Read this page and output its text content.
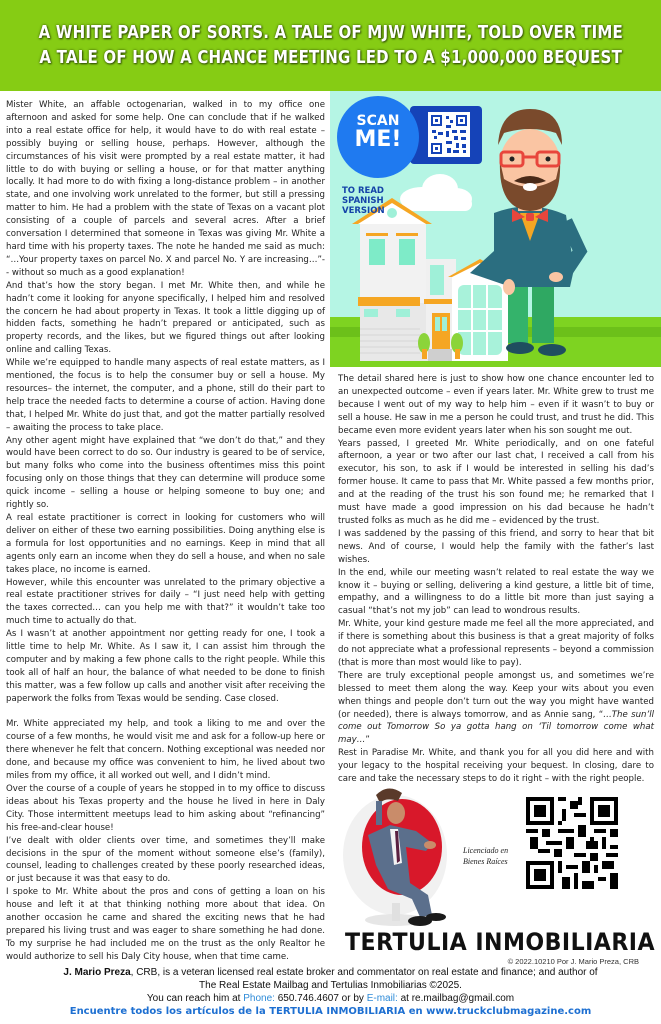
A WHITE PAPER OF SORTS. A TALE OF MJW WHITE, TOLD OVER TIME
A TALE OF HOW A CHANCE MEETING LED TO A $1,000,000 BEQUEST

Mister White, an affable octogenarian, walked in to my office one afternoon and asked for some help. One can conclude that if he walked into a real estate office for help, it would have to do with real estate – possibly buying or selling house, perhaps. However, although the circumstances of his visit were prompted by a real estate matter, it had little to do with buying or selling a house, or for that matter anything locally. It had more to do with fixing a long-distance problem – in another state, and one involving work unrelated to the former, but still a pressing matter to him. He had a problem with the state of Texas on a vacant plot consisting of a couple of parcels and several acres. After a brief conversation I determined that someone in Texas was giving Mr. White a hard time with his property taxes. The note he handed me said as much: “…Your property taxes on parcel No. X and parcel No. Y are increasing…”-- without so much as a good explanation!

And that’s how the story began. I met Mr. White then, and while he hadn’t come it looking for anyone specifically, I helped him and resolved the concern he had about property in Texas. It took a little digging up of hidden facts, something he hadn’t prepared or anticipated, such as property records, and the likes, but we figured things out after looking online and calling Texas.

While we’re equipped to handle many aspects of real estate matters, as I mentioned, the focus is to help the consumer buy or sell a house. My resources– the internet, the computer, and a phone, still do their part to help trace the needed facts to determine a course of action. Having done that, I helped Mr. White do just that, and got the matter partially resolved – awaiting the process to take place.

Any other agent might have explained that “we don’t do that,” and they would have been correct to do so. Our industry is geared to be of service, but many folks who come into the business oftentimes miss this point focusing only on those things that they can determine will produce some quick income – selling a house or helping someone to buy one; and rightly so.

A real estate practitioner is correct in looking for customers who will deliver on either of these two earning possibilities. Doing anything else is a formula for lost opportunities and no earnings. Keep in mind that all agents only earn an income when they do sell a house, and when no sale takes place, no income is earned.

However, while this encounter was unrelated to the primary objective a real estate practitioner strives for daily – “I just need help with getting the taxes corrected… can you help me with that?” it wouldn’t take too much time to actually do that.

As I wasn’t at another appointment nor getting ready for one, I took a little time to help Mr. White. As I saw it, I can assist him through the computer and by making a few phone calls to the right people. While this took all of half an hour, the balance of what needed to be done to finish this matter, was a few follow up calls and another visit after receiving the paperwork the folks from Texas would be sending. Case closed.

Mr. White appreciated my help, and took a liking to me and over the course of a few months, he would visit me and ask for a follow-up here or there whenever he felt that concern. Nothing exceptional was needed nor done, and because my office was convenient to him, he lived about two miles from my office, it all worked out well, and I didn’t mind.

Over the course of a couple of years he stopped in to my office to discuss ideas about his Texas property and the house he lived in here in Daly City. Those intermittent meetups lead to him asking about “refinancing” his free-and-clear house!

I’ve dealt with older clients over time, and sometimes they’ll make decisions in the spur of the moment without someone else’s (family), counsel, leading to challenges created by these poorly researched ideas, or just because it was that easy to do.

I spoke to Mr. White about the pros and cons of getting a loan on his house and left it at that thinking nothing more about that idea. On another occasion he came and shared the exciting news that he had prepared his living trust and was eager to share something he had done. To my surprise he had included me on the trust as the only Realtor he would authorize to sell his Daly City house, when that time came.

SCAN
ME!
TO READ
SPANISH
VERSION

The detail shared here is just to show how one chance encounter led to an unexpected outcome – even if years later. Mr. White grew to trust me because I went out of my way to help him – even if it wasn’t to buy or sell a house. He saw in me a person he could trust, and trust he did. This became even more evident years later when his son sought me out.

Years passed, I greeted Mr. White periodically, and on one fateful afternoon, a year or two after our last chat, I received a call from his executor, his son, to ask if I would be interested in selling his dad’s former house. It came to pass that Mr. White passed a few months prior, and at the reading of the trust his son found me; he remarked that I must have made a good impression on his dad because he hadn’t trusted folks as much as he did me – evidenced by the trust.

I was saddened by the passing of this friend, and sorry to hear that bit news. And of course, I would help the family with the father’s last wishes.

In the end, while our meeting wasn’t related to real estate the way we know it – buying or selling, delivering a kind gesture, a little bit of time, empathy, and a willingness to do a little bit more than just saying a casual “that’s not my job” can lead to wondrous results.

Mr. White, your kind gesture made me feel all the more appreciated, and if there is something about this business is that a great majority of folks do not appreciate what a professional represents – beyond a commission (that is more than most would like to pay).

There are truly exceptional people amongst us, and sometimes we’re blessed to meet them along the way. Keep your wits about you even when things and people don’t turn out the way you might have wanted (or needed), there is always tomorrow, and as Annie sang, “…The sun’ll come out Tomorrow So ya gotta hang on ‘Til tomorrow come what may…”

Rest in Paradise Mr. White, and thank you for all you did here and with your legacy to the hospital receiving your bequest. In closing, dare to care and take the necessary steps to do it right – with the right people.

Licenciado en
Bienes Raíces
TERTULIA INMOBILIARIA
© 2022.10210 Por J. Mario Preza, CRB
J. Mario Preza, CRB, is a veteran licensed real estate broker and commentator on real estate and finance; and author of
The Real Estate Mailbag and Tertulias Inmobiliarias ©2025.
You can reach him at Phone: 650.746.4607 or by E-mail: at re.mailbag@gmail.com
Encuentre todos los artículos de la TERTULIA INMOBILIARIA en www.truckclubmagazine.com
